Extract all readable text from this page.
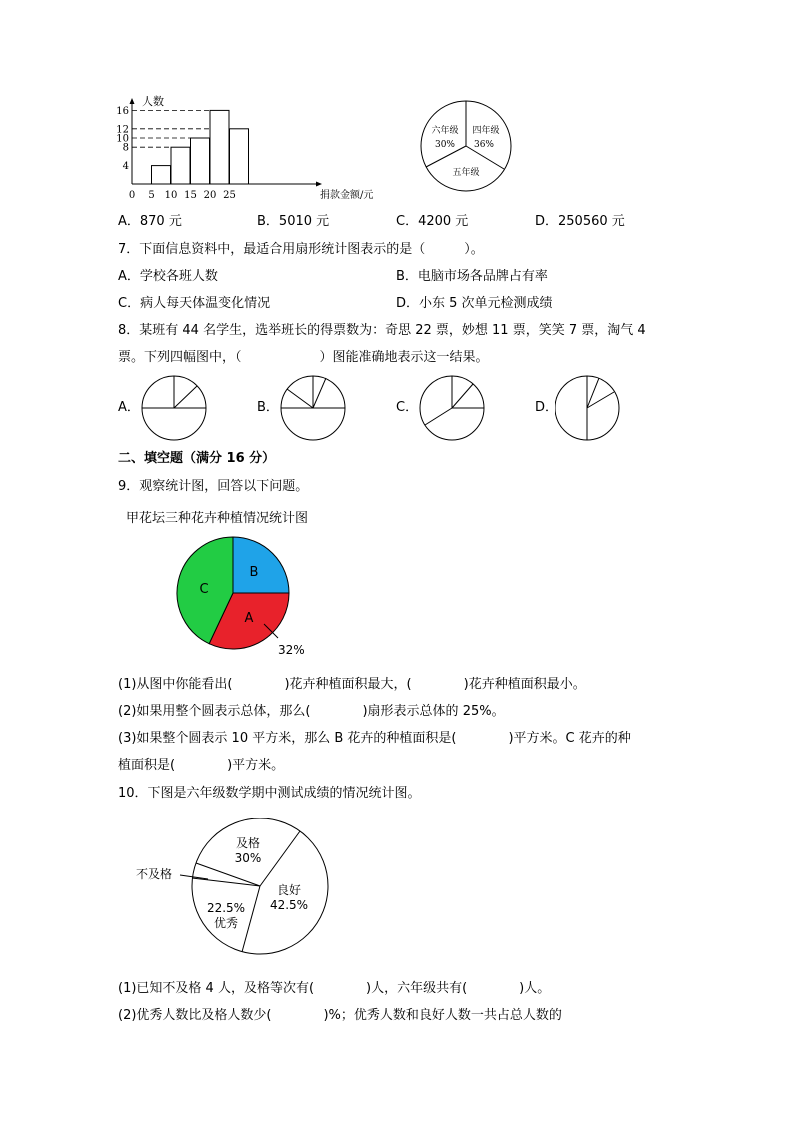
0 5 10 15 20 25
4
8
10
12
16
人数
捐款金额/元
六年级
30%
四年级
36%
五年级
A．870 元	B．5010 元	C．4200 元	D．250560 元
7．下面信息资料中，最适合用扇形统计图表示的是（　　　）。
A．学校各班人数	B．电脑市场各品牌占有率
C．病人每天体温变化情况	D．小东 5 次单元检测成绩
8．某班有 44 名学生，选举班长的得票数为：奇思 22 票，妙想 11 票，笑笑 7 票，淘气 4
票。下列四幅图中，（　　　　　　）图能准确地表示这一结果。
A．	B．	C．	D．
二、填空题（满分 16 分）
9．观察统计图，回答以下问题。
甲花坛三种花卉种植情况统计图
B
A
C
32%
(1)从图中你能看出(　　　　)花卉种植面积最大，(　　　　)花卉种植面积最小。
(2)如果用整个圆表示总体，那么(　　　　)扇形表示总体的 25%。
(3)如果整个圆表示 10 平方米，那么 B 花卉的种植面积是(　　　　)平方米。C 花卉的种
植面积是(　　　　)平方米。
10．下图是六年级数学期中测试成绩的情况统计图。
及格
30%
良好
42.5%
22.5%
优秀
不及格
(1)已知不及格 4 人，及格等次有(　　　　)人，六年级共有(　　　　)人。
(2)优秀人数比及格人数少(　　　　)%；优秀人数和良好人数一共占总人数的
